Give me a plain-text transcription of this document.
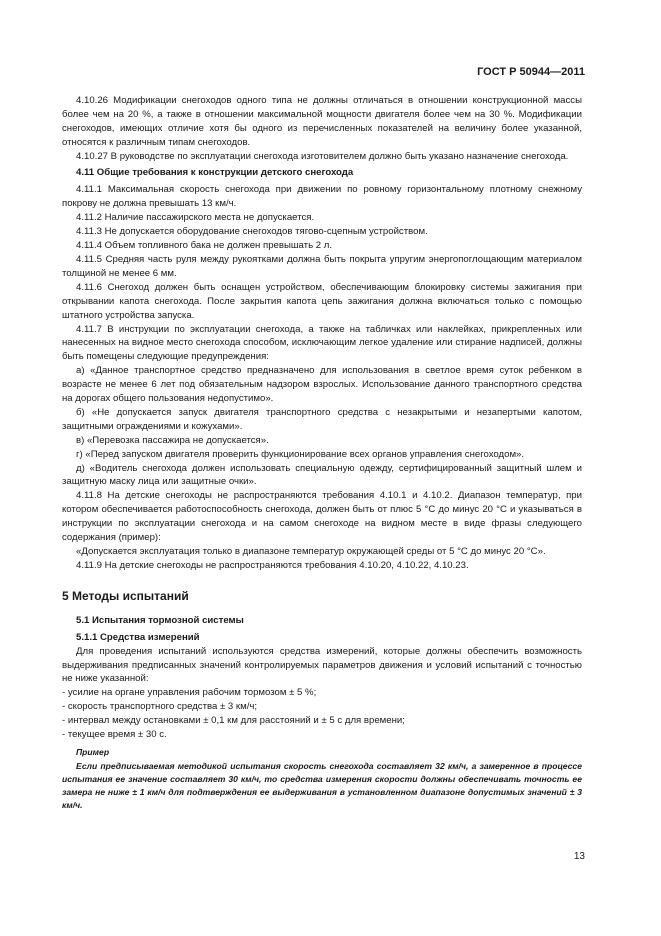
ГОСТ Р 50944—2011

4.10.26 Модификации снегоходов одного типа не должны отличаться в отношении конструкционной массы более чем на 20 %, а также в отношении максимальной мощности двигателя более чем на 30 %. Модификации снегоходов, имеющих отличие хотя бы одного из перечисленных показателей на величину более указанной, относятся к различным типам снегоходов.

4.10.27 В руководстве по эксплуатации снегохода изготовителем должно быть указано назначение снегохода.

4.11 Общие требования к конструкции детского снегохода

4.11.1 Максимальная скорость снегохода при движении по ровному горизонтальному плотному снежному покрову не должна превышать 13 км/ч.

4.11.2 Наличие пассажирского места не допускается.

4.11.3 Не допускается оборудование снегоходов тягово-сцепным устройством.

4.11.4 Объем топливного бака не должен превышать 2 л.

4.11.5 Средняя часть руля между рукоятками должна быть покрыта упругим энергопоглощающим материалом толщиной не менее 6 мм.

4.11.6 Снегоход должен быть оснащен устройством, обеспечивающим блокировку системы зажигания при открывании капота снегохода. После закрытия капота цепь зажигания должна включаться только с помощью штатного устройства запуска.

4.11.7 В инструкции по эксплуатации снегохода, а также на табличках или наклейках, прикрепленных или нанесенных на видное место снегохода способом, исключающим легкое удаление или стирание надписей, должны быть помещены следующие предупреждения:

а) «Данное транспортное средство предназначено для использования в светлое время суток ребенком в возрасте не менее 6 лет под обязательным надзором взрослых. Использование данного транспортного средства на дорогах общего пользования недопустимо».

б) «Не допускается запуск двигателя транспортного средства с незакрытыми и незапертыми капотом, защитными ограждениями и кожухами».

в) «Перевозка пассажира не допускается».

г) «Перед запуском двигателя проверить функционирование всех органов управления снегоходом».

д) «Водитель снегохода должен использовать специальную одежду, сертифицированный защитный шлем и защитную маску лица или защитные очки».

4.11.8 На детские снегоходы не распространяются требования 4.10.1 и 4.10.2. Диапазон температур, при котором обеспечивается работоспособность снегохода, должен быть от плюс 5 °С до минус 20 °С и указываться в инструкции по эксплуатации снегохода и на самом снегоходе на видном месте в виде фразы следующего содержания (пример):

«Допускается эксплуатация только в диапазоне температур окружающей среды от 5 °С до минус 20 °С».

4.11.9 На детские снегоходы не распространяются требования 4.10.20, 4.10.22, 4.10.23.

5 Методы испытаний

5.1 Испытания тормозной системы

5.1.1 Средства измерений

Для проведения испытаний используются средства измерений, которые должны обеспечить возможность выдерживания предписанных значений контролируемых параметров движения и условий испытаний с точностью не ниже указанной:

- усилие на органе управления рабочим тормозом ± 5 %;

- скорость транспортного средства ± 3 км/ч;

- интервал между остановками ± 0,1 км для расстояний и ± 5 с для времени;

- текущее время ± 30 с.

Пример

Если предписываемая методикой испытания скорость снегохода составляет 32 км/ч, а замеренное в процессе испытания ее значение составляет 30 км/ч, то средства измерения скорости должны обеспечивать точность ее замера не ниже ± 1 км/ч для подтверждения ее выдерживания в установленном диапазоне допустимых значений ± 3 км/ч.

13
